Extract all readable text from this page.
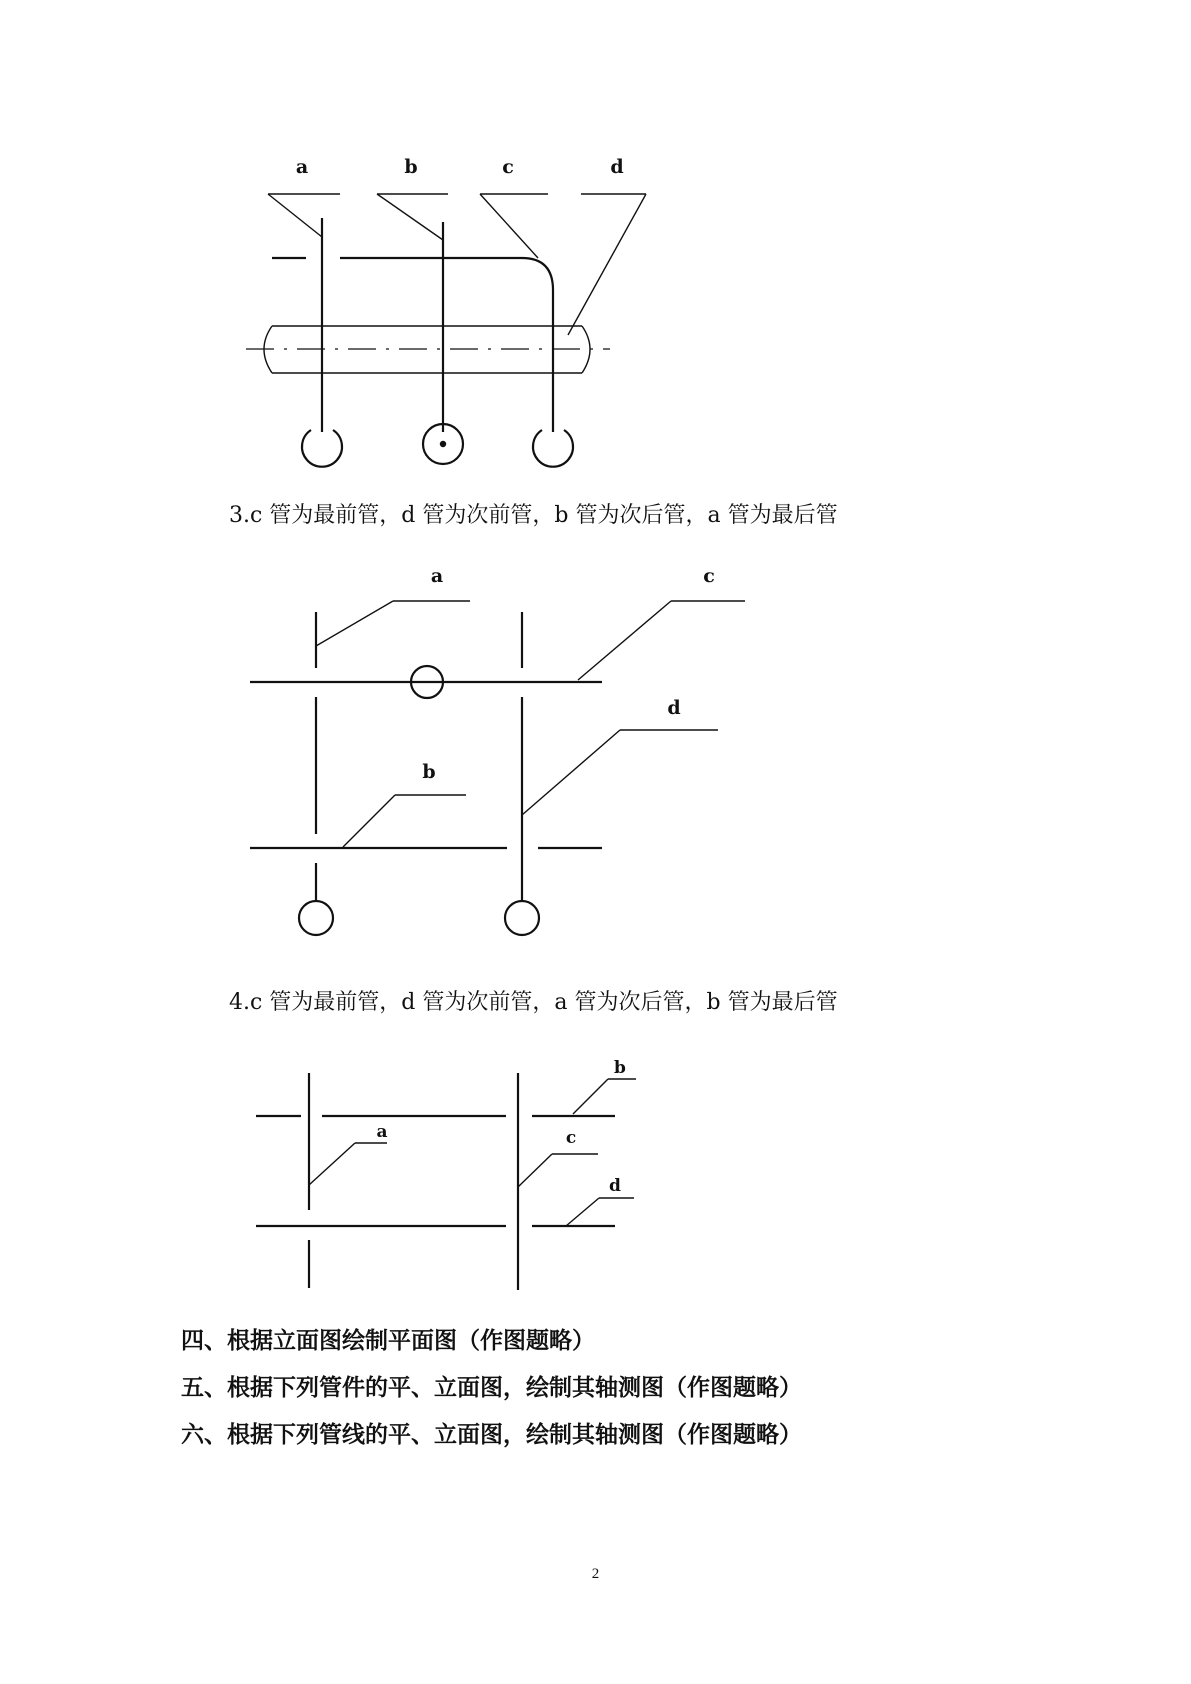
a	b	c	d
3.c 管为最前管，d 管为次前管，b 管为次后管，a 管为最后管
a	c
d
b
4.c 管为最前管，d 管为次前管，a 管为次后管，b 管为最后管
b
a	c
d
四、根据立面图绘制平面图（作图题略）
五、根据下列管件的平、立面图，绘制其轴测图（作图题略）
六、根据下列管线的平、立面图，绘制其轴测图（作图题略）
2
